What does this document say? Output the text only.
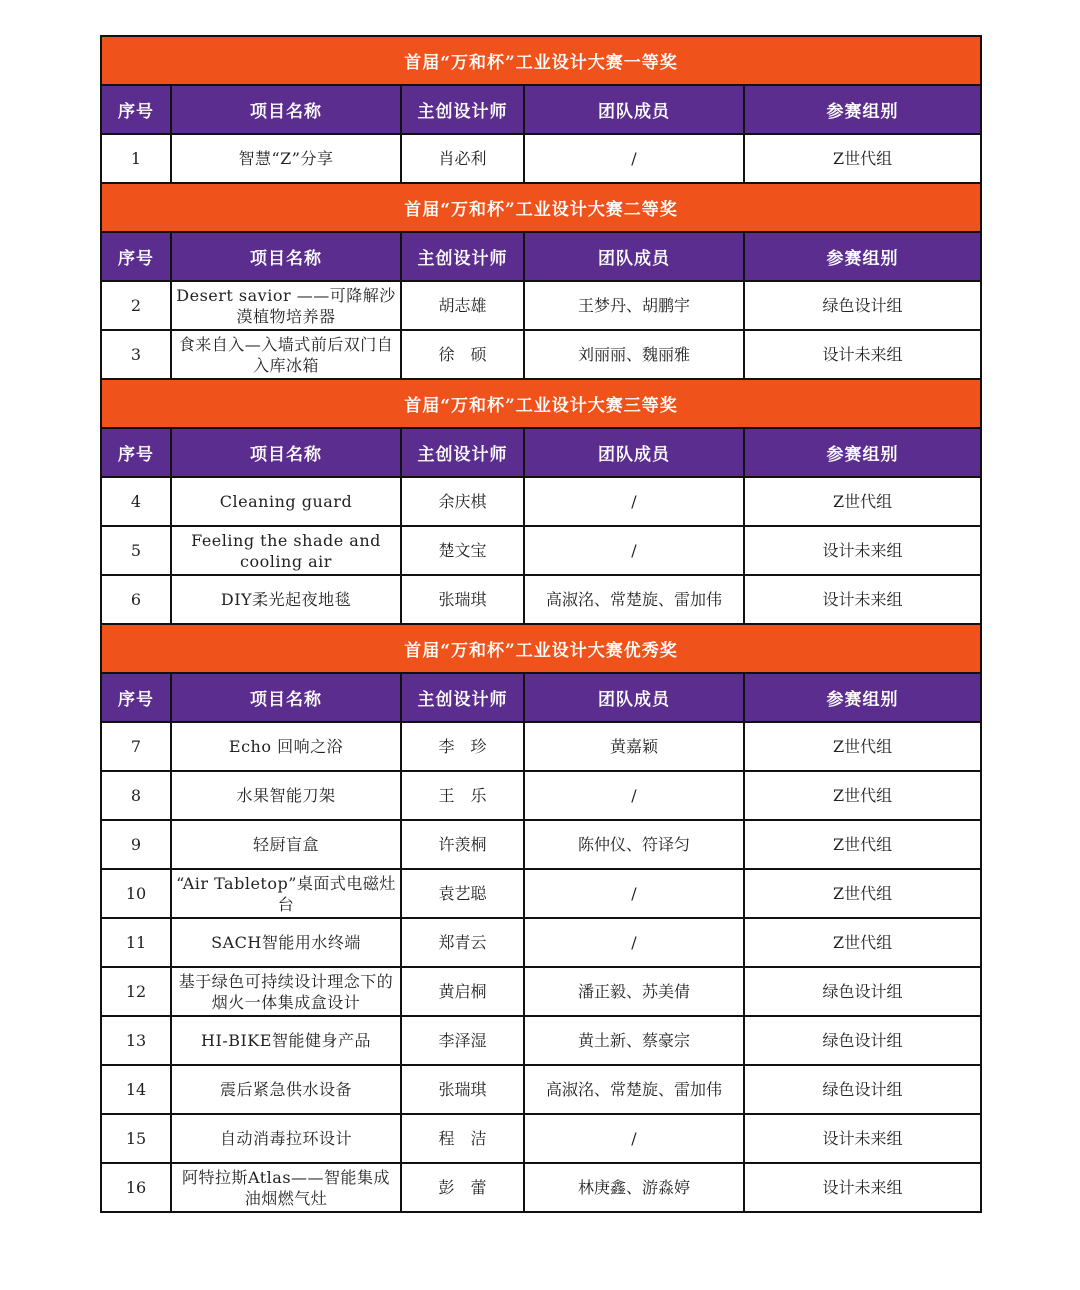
首届“万和杯”工业设计大赛一等奖				
序号	项目名称	主创设计师	团队成员	参赛组别
1	智慧“Z”分享	肖必利	/	Z世代组
首届“万和杯”工业设计大赛二等奖				
序号	项目名称	主创设计师	团队成员	参赛组别
2	Desert savior ——可降解沙漠植物培养器	胡志雄	王梦丹、胡鹏宇	绿色设计组
3	食来自入—入墙式前后双门自入库冰箱	徐　硕	刘丽丽、魏丽雅	设计未来组
首届“万和杯”工业设计大赛三等奖				
序号	项目名称	主创设计师	团队成员	参赛组别
4	Cleaning guard	余庆棋	/	Z世代组
5	Feeling the shade and cooling air	楚文宝	/	设计未来组
6	DIY柔光起夜地毯	张瑞琪	高淑洺、常楚旋、雷加伟	设计未来组
首届“万和杯”工业设计大赛优秀奖				
序号	项目名称	主创设计师	团队成员	参赛组别
7	Echo 回响之浴	李　珍	黄嘉颖	Z世代组
8	水果智能刀架	王　乐	/	Z世代组
9	轻厨盲盒	许羡桐	陈仲仪、符译匀	Z世代组
10	“Air Tabletop”桌面式电磁灶台	袁艺聪	/	Z世代组
11	SACH智能用水终端	郑青云	/	Z世代组
12	基于绿色可持续设计理念下的烟火一体集成盒设计	黄启桐	潘正毅、苏美倩	绿色设计组
13	HI-BIKE智能健身产品	李泽湿	黄土新、蔡豪宗	绿色设计组
14	震后紧急供水设备	张瑞琪	高淑洺、常楚旋、雷加伟	绿色设计组
15	自动消毒拉环设计	程　洁	/	设计未来组
16	阿特拉斯Atlas——智能集成油烟燃气灶	彭　蕾	林庚鑫、游淼婷	设计未来组
